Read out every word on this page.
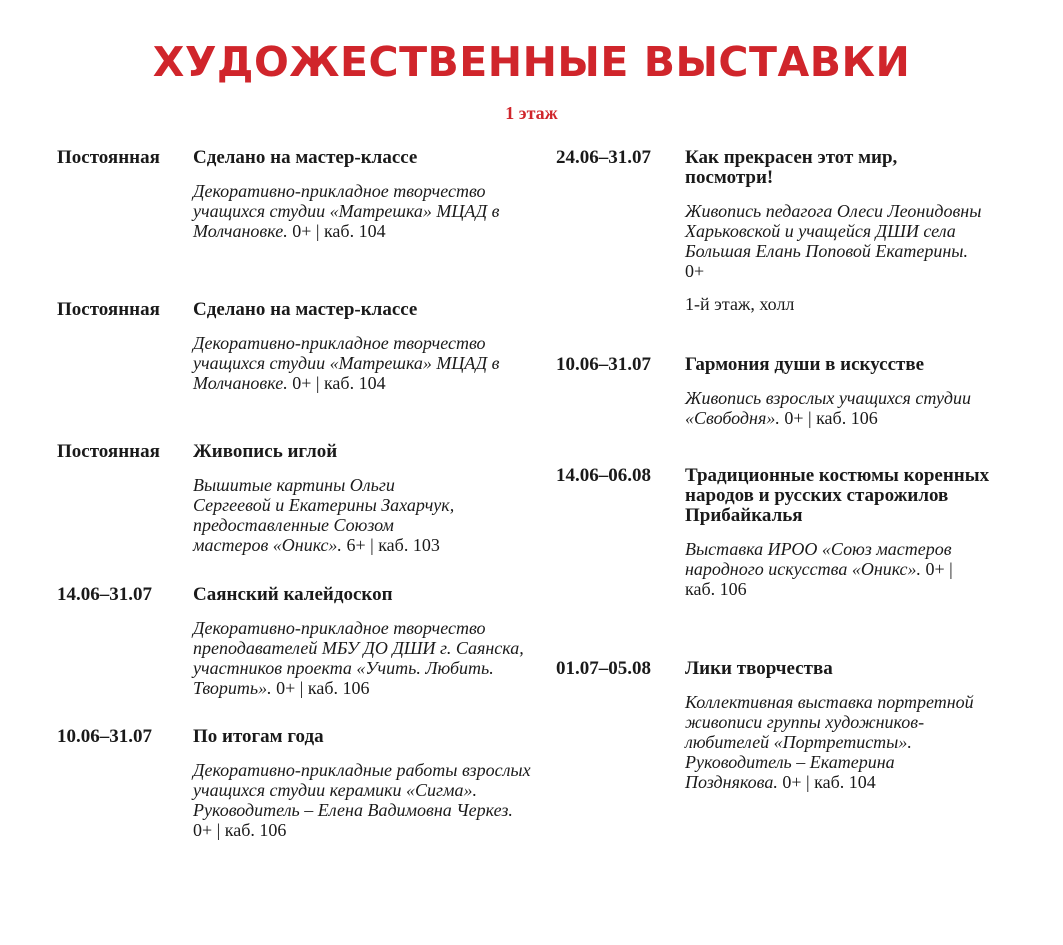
ХУДОЖЕСТВЕННЫЕ ВЫСТАВКИ
1 этаж
Постоянная Сделано на мастер-классе
Декоративно-прикладное творчество учащихся студии «Матрешка» МЦАД в Молчановке. 0+ | каб. 104
Постоянная Сделано на мастер-классе
Декоративно-прикладное творчество учащихся студии «Матрешка» МЦАД в Молчановке. 0+ | каб. 104
Постоянная Живопись иглой
Вышитые картины Ольги Сергеевой и Екатерины Захарчук, предоставленные Союзом мастеров «Оникс». 6+ | каб. 103
14.06–31.07 Саянский калейдоскоп
Декоративно-прикладное творчество преподавателей МБУ ДО ДШИ г. Саянска, участников проекта «Учить. Любить. Творить». 0+ | каб. 106
10.06–31.07 По итогам года
Декоративно-прикладные работы взрослых учащихся студии керамики «Сигма». Руководитель – Елена Вадимовна Черкез. 0+ | каб. 106
24.06–31.07 Как прекрасен этот мир, посмотри!
Живопись педагога Олеси Леонидовны Харьковской и учащейся ДШИ села Большая Елань Поповой Екатерины. 0+
1-й этаж, холл
10.06–31.07 Гармония души в искусстве
Живопись взрослых учащихся студии «Свободня». 0+ | каб. 106
14.06–06.08 Традиционные костюмы коренных народов и русских старожилов Прибайкалья
Выставка ИРОО «Союз мастеров народного искусства «Оникс». 0+ | каб. 106
01.07–05.08 Лики творчества
Коллективная выставка портретной живописи группы художников-любителей «Портретисты». Руководитель – Екатерина Позднякова. 0+ | каб. 104
